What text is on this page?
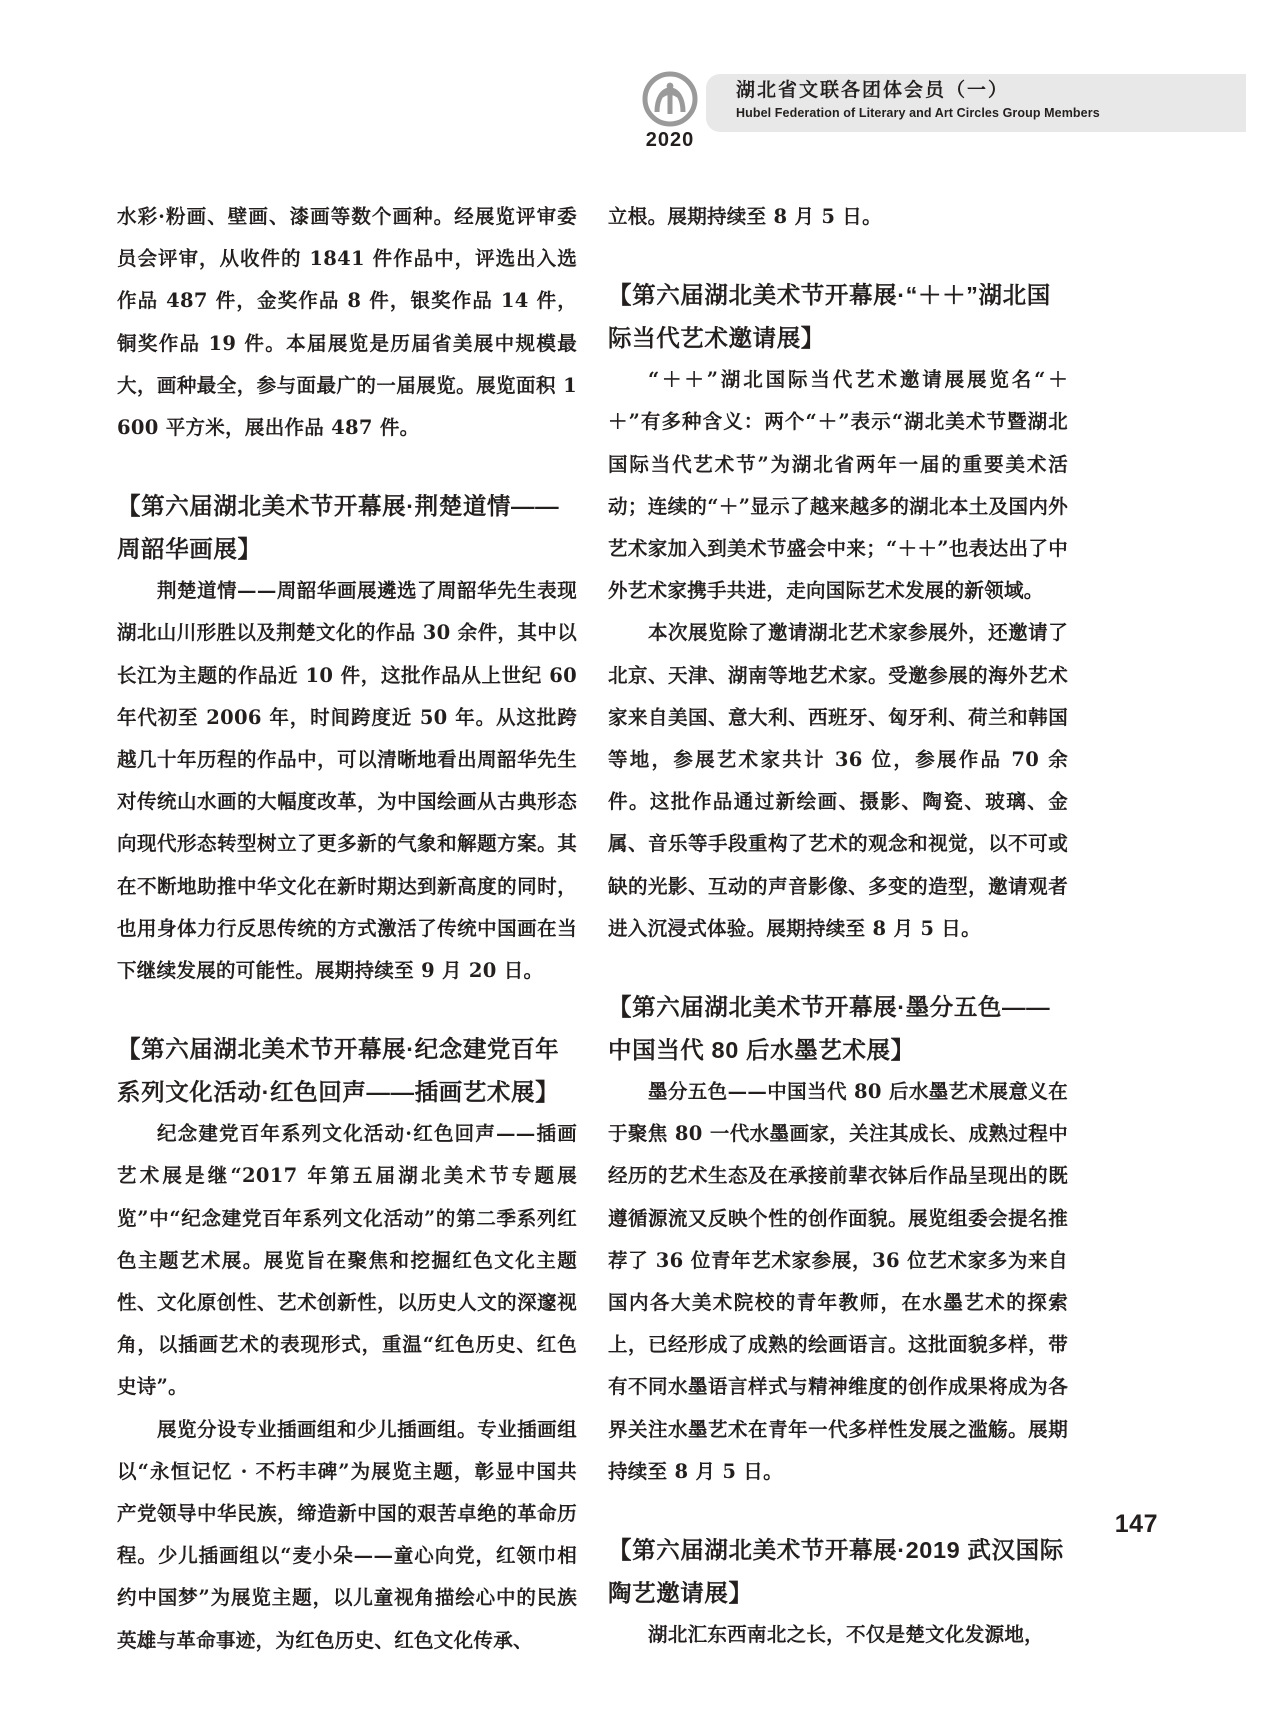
2020
湖北省文联各团体会员（一）
Hubel Federation of Literary and Art Circles Group Members

水彩·粉画、壁画、漆画等数个画种。经展览评审委员会评审，从收件的 1841 件作品中，评选出入选作品 487 件，金奖作品 8 件，银奖作品 14 件，铜奖作品 19 件。本届展览是历届省美展中规模最大，画种最全，参与面最广的一届展览。展览面积 1600 平方米，展出作品 487 件。

【第六届湖北美术节开幕展·荆楚道情——周韶华画展】

荆楚道情——周韶华画展遴选了周韶华先生表现湖北山川形胜以及荆楚文化的作品 30 余件，其中以长江为主题的作品近 10 件，这批作品从上世纪 60 年代初至 2006 年，时间跨度近 50 年。从这批跨越几十年历程的作品中，可以清晰地看出周韶华先生对传统山水画的大幅度改革，为中国绘画从古典形态向现代形态转型树立了更多新的气象和解题方案。其在不断地助推中华文化在新时期达到新高度的同时，也用身体力行反思传统的方式激活了传统中国画在当下继续发展的可能性。展期持续至 9 月 20 日。

【第六届湖北美术节开幕展·纪念建党百年系列文化活动·红色回声——插画艺术展】

纪念建党百年系列文化活动·红色回声——插画艺术展是继“2017 年第五届湖北美术节专题展览”中“纪念建党百年系列文化活动”的第二季系列红色主题艺术展。展览旨在聚焦和挖掘红色文化主题性、文化原创性、艺术创新性，以历史人文的深邃视角，以插画艺术的表现形式，重温“红色历史、红色史诗”。

展览分设专业插画组和少儿插画组。专业插画组以“永恒记忆 · 不朽丰碑”为展览主题，彰显中国共产党领导中华民族，缔造新中国的艰苦卓绝的革命历程。少儿插画组以“麦小朵——童心向党，红领巾相约中国梦”为展览主题，以儿童视角描绘心中的民族英雄与革命事迹，为红色历史、红色文化传承、

立根。展期持续至 8 月 5 日。

【第六届湖北美术节开幕展·“＋＋”湖北国际当代艺术邀请展】

“＋＋”湖北国际当代艺术邀请展展览名“＋＋”有多种含义：两个“＋”表示“湖北美术节暨湖北国际当代艺术节”为湖北省两年一届的重要美术活动；连续的“＋”显示了越来越多的湖北本土及国内外艺术家加入到美术节盛会中来；“＋＋”也表达出了中外艺术家携手共进，走向国际艺术发展的新领域。

本次展览除了邀请湖北艺术家参展外，还邀请了北京、天津、湖南等地艺术家。受邀参展的海外艺术家来自美国、意大利、西班牙、匈牙利、荷兰和韩国等地，参展艺术家共计 36 位，参展作品 70 余件。这批作品通过新绘画、摄影、陶瓷、玻璃、金属、音乐等手段重构了艺术的观念和视觉，以不可或缺的光影、互动的声音影像、多变的造型，邀请观者进入沉浸式体验。展期持续至 8 月 5 日。

【第六届湖北美术节开幕展·墨分五色——中国当代 80 后水墨艺术展】

墨分五色——中国当代 80 后水墨艺术展意义在于聚焦 80 一代水墨画家，关注其成长、成熟过程中经历的艺术生态及在承接前辈衣钵后作品呈现出的既遵循源流又反映个性的创作面貌。展览组委会提名推荐了 36 位青年艺术家参展，36 位艺术家多为来自国内各大美术院校的青年教师，在水墨艺术的探索上，已经形成了成熟的绘画语言。这批面貌多样，带有不同水墨语言样式与精神维度的创作成果将成为各界关注水墨艺术在青年一代多样性发展之滥觞。展期持续至 8 月 5 日。

【第六届湖北美术节开幕展·2019 武汉国际陶艺邀请展】

湖北汇东西南北之长，不仅是楚文化发源地，

147
